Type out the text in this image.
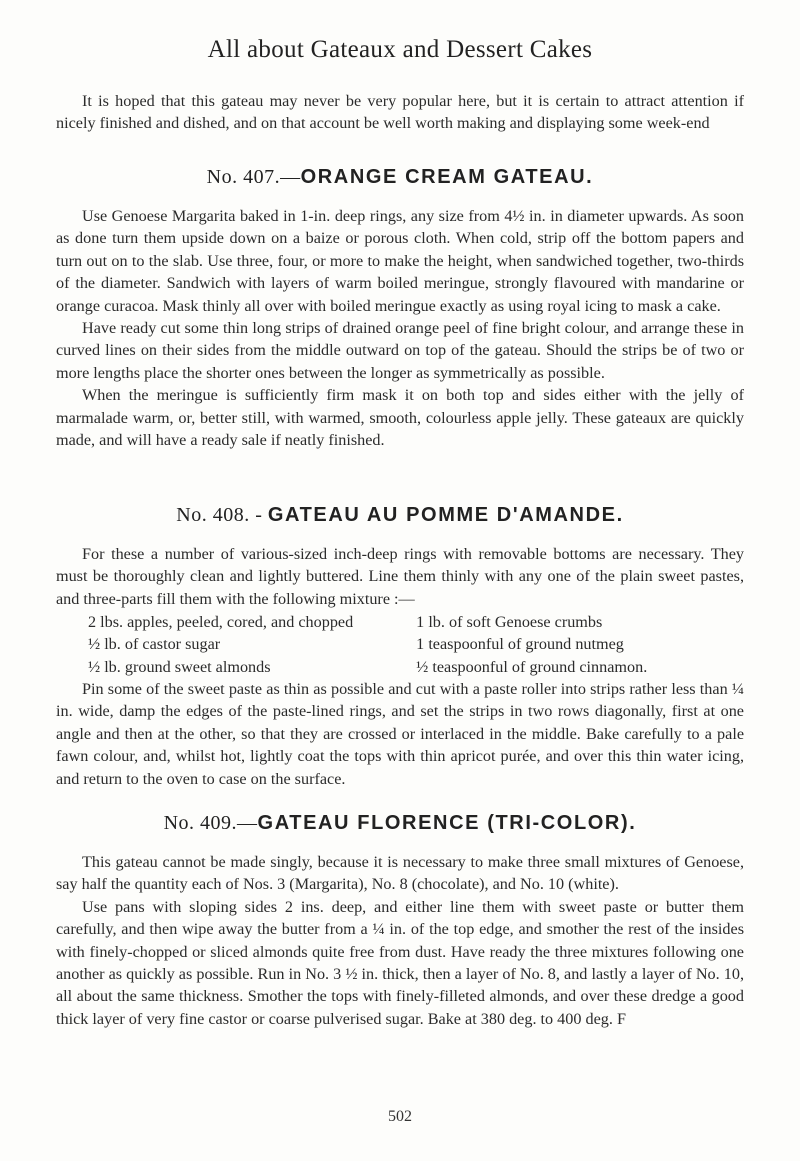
All about Gateaux and Dessert Cakes

It is hoped that this gateau may never be very popular here, but it is certain to attract attention if nicely finished and dished, and on that account be well worth making and displaying some week-end

No. 407.—ORANGE CREAM GATEAU.

Use Genoese Margarita baked in 1-in. deep rings, any size from 4½ in. in diameter upwards. As soon as done turn them upside down on a baize or porous cloth. When cold, strip off the bottom papers and turn out on to the slab. Use three, four, or more to make the height, when sandwiched together, two-thirds of the diameter. Sandwich with layers of warm boiled meringue, strongly flavoured with mandarine or orange curacoa. Mask thinly all over with boiled meringue exactly as using royal icing to mask a cake.

Have ready cut some thin long strips of drained orange peel of fine bright colour, and arrange these in curved lines on their sides from the middle outward on top of the gateau. Should the strips be of two or more lengths place the shorter ones between the longer as symmetrically as possible.

When the meringue is sufficiently firm mask it on both top and sides either with the jelly of marmalade warm, or, better still, with warmed, smooth, colourless apple jelly. These gateaux are quickly made, and will have a ready sale if neatly finished.

No. 408. - GATEAU AU POMME D'AMANDE.

For these a number of various-sized inch-deep rings with removable bottoms are necessary. They must be thoroughly clean and lightly buttered. Line them thinly with any one of the plain sweet pastes, and three-parts fill them with the following mixture :—

2 lbs. apples, peeled, cored, and chopped	1 lb. of soft Genoese crumbs
½ lb. of castor sugar	1 teaspoonful of ground nutmeg
½ lb. ground sweet almonds	½ teaspoonful of ground cinnamon.

Pin some of the sweet paste as thin as possible and cut with a paste roller into strips rather less than ¼ in. wide, damp the edges of the paste-lined rings, and set the strips in two rows diagonally, first at one angle and then at the other, so that they are crossed or interlaced in the middle. Bake carefully to a pale fawn colour, and, whilst hot, lightly coat the tops with thin apricot purée, and over this thin water icing, and return to the oven to case on the surface.

No. 409.—GATEAU FLORENCE (TRI-COLOR).

This gateau cannot be made singly, because it is necessary to make three small mixtures of Genoese, say half the quantity each of Nos. 3 (Margarita), No. 8 (chocolate), and No. 10 (white).

Use pans with sloping sides 2 ins. deep, and either line them with sweet paste or butter them carefully, and then wipe away the butter from a ¼ in. of the top edge, and smother the rest of the insides with finely-chopped or sliced almonds quite free from dust. Have ready the three mixtures following one another as quickly as possible. Run in No. 3 ½ in. thick, then a layer of No. 8, and lastly a layer of No. 10, all about the same thickness. Smother the tops with finely-filleted almonds, and over these dredge a good thick layer of very fine castor or coarse pulverised sugar. Bake at 380 deg. to 400 deg. F

502
